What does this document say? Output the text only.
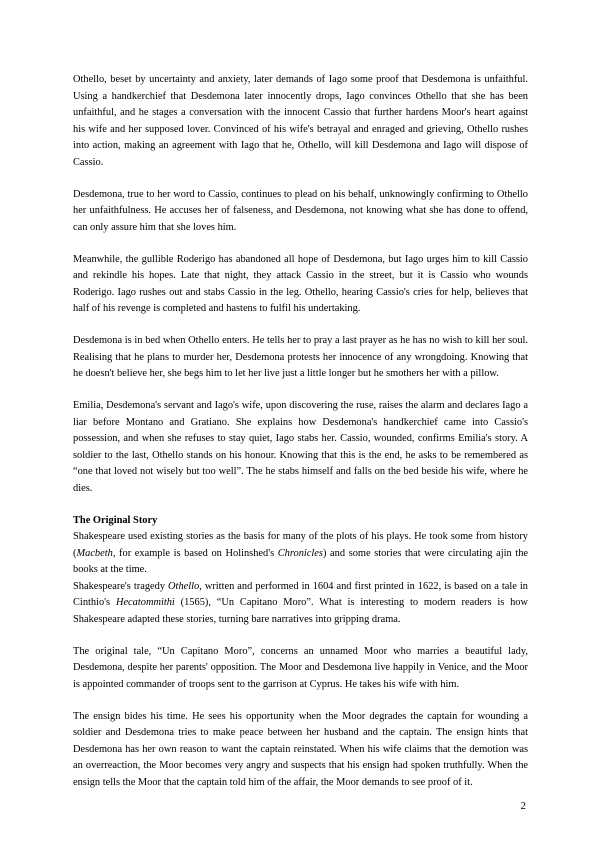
Othello, beset by uncertainty and anxiety, later demands of Iago some proof that Desdemona is unfaithful. Using a handkerchief that Desdemona later innocently drops, Iago convinces Othello that she has been unfaithful, and he stages a conversation with the innocent Cassio that further hardens Moor's heart against his wife and her supposed lover. Convinced of his wife's betrayal and enraged and grieving, Othello rushes into action, making an agreement with Iago that he, Othello, will kill Desdemona and Iago will dispose of Cassio.

Desdemona, true to her word to Cassio, continues to plead on his behalf, unknowingly confirming to Othello her unfaithfulness. He accuses her of falseness, and Desdemona, not knowing what she has done to offend, can only assure him that she loves him.

Meanwhile, the gullible Roderigo has abandoned all hope of Desdemona, but Iago urges him to kill Cassio and rekindle his hopes. Late that night, they attack Cassio in the street, but it is Cassio who wounds Roderigo. Iago rushes out and stabs Cassio in the leg. Othello, hearing Cassio's cries for help, believes that half of his revenge is completed and hastens to fulfil his undertaking.

Desdemona is in bed when Othello enters. He tells her to pray a last prayer as he has no wish to kill her soul. Realising that he plans to murder her, Desdemona protests her innocence of any wrongdoing. Knowing that he doesn't believe her, she begs him to let her live just a little longer but he smothers her with a pillow.

Emilia, Desdemona's servant and Iago's wife, upon discovering the ruse, raises the alarm and declares Iago a liar before Montano and Gratiano. She explains how Desdemona's handkerchief came into Cassio's possession, and when she refuses to stay quiet, Iago stabs her. Cassio, wounded, confirms Emilia's story. A soldier to the last, Othello stands on his honour. Knowing that this is the end, he asks to be remembered as “one that loved not wisely but too well”. The he stabs himself and falls on the bed beside his wife, where he dies.

The Original Story

Shakespeare used existing stories as the basis for many of the plots of his plays. He took some from history (Macbeth, for example is based on Holinshed's Chronicles) and some stories that were circulating ajin the books at the time.

Shakespeare's tragedy Othello, written and performed in 1604 and first printed in 1622, is based on a tale in Cinthio's Hecatommithi (1565), “Un Capitano Moro”. What is interesting to modern readers is how Shakespeare adapted these stories, turning bare narratives into gripping drama.

The original tale, “Un Capitano Moro”, concerns an unnamed Moor who marries a beautiful lady, Desdemona, despite her parents' opposition. The Moor and Desdemona live happily in Venice, and the Moor is appointed commander of troops sent to the garrison at Cyprus. He takes his wife with him.

The ensign bides his time. He sees his opportunity when the Moor degrades the captain for wounding a soldier and Desdemona tries to make peace between her husband and the captain. The ensign hints that Desdemona has her own reason to want the captain reinstated. When his wife claims that the demotion was an overreaction, the Moor becomes very angry and suspects that his ensign had spoken truthfully. When the ensign tells the Moor that the captain told him of the affair, the Moor demands to see proof of it.

2
